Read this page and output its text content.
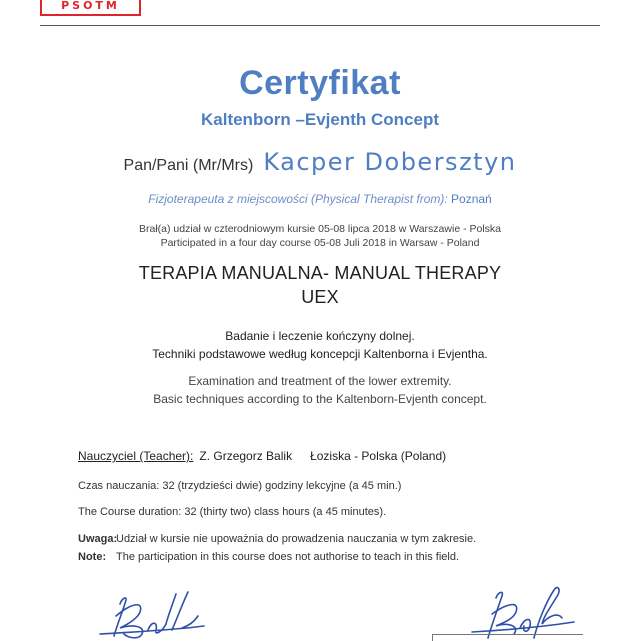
PSOTM
Certyfikat
Kaltenborn –Evjenth Concept
Pan/Pani (Mr/Mrs) Kacper Dobersztyn
Fizjoterapeuta z miejscowości (Physical Therapist from): Poznań
Brał(a) udział w czterodniowym kursie 05-08 lipca 2018 w Warszawie - Polska
Participated in a four day course 05-08 Juli 2018 in Warsaw - Poland
TERAPIA MANUALNA- MANUAL THERAPY
UEX
Badanie i leczenie kończyny dolnej.
Techniki podstawowe według koncepcji Kaltenborna i Evjentha.
Examination and treatment of the lower extremity.
Basic techniques according to the Kaltenborn-Evjenth concept.
Nauczyciel (Teacher): Z. Grzegorz Balik Łoziska - Polska (Poland)
Czas nauczania: 32 (trzydzieści dwie) godziny lekcyjne (a 45 min.)
The Course duration: 32 (thirty two) class hours (a 45 minutes).
Uwaga:Udział w kursie nie upoważnia do prowadzenia nauczania w tym zakresie.
Note: The participation in this course does not authorise to teach in this field.
